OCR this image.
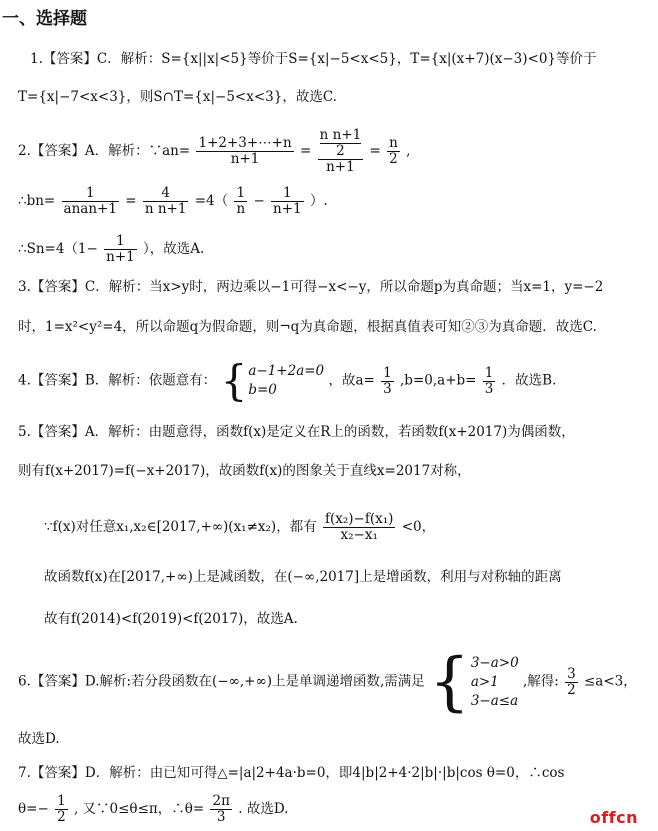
一、选择题
1.【答案】C．解析：S={x||x|<5}等价于S={x|−5<x<5}，T={x|(x+7)(x−3)<0}等价于
T={x|−7<x<3}，则S∩T={x|−5<x<3}，故选C.
2.【答案】A．解析：∵an= $\frac{1+2+3+\cdots+n}{n+1} = n$ n+1
2
$n+1 = \frac{n}{2}$ ,
∴bn= $\frac{1}{\text{anan+1}} = \frac{4}{\text{n n+1}} =4( \frac{1}{n} - \frac{1}{n+1}$ ）.
∴Sn=4（1− $\frac{1}{n+1}$ ），故选A.
3.【答案】C．解析：当x>y时，两边乘以−1可得−x<−y，所以命题p为真命题；当x=1，y=−2
时，1=x²<y²=4，所以命题q为假命题，则¬q为真命题，根据真值表可知②③为真命题．故选C.
4.【答案】B．解析：依题意有： { a−1+2a=0
b=0
，故$a= \frac{1}{3} ,b=0,a+b= \frac{1}{3}$ ．故选B.
5.【答案】A．解析：由题意得，函数f(x)是定义在R上的函数，若函数f(x+2017)为偶函数，
则有f(x+2017)=f(−x+2017)，故函数f(x)的图象关于直线x=2017对称，
∵f(x)对任意x₁,x₂∈[2017,+∞)(x₁≠x₂)，都有 $\frac{\text{f(x₂)−f(x₁)}}{\text{x₂−x₁}} <0$，
故函数f(x)在[2017,+∞)上是减函数，在(−∞,2017]上是增函数，利用与对称轴的距离
故有f(2014)<f(2019)<f(2017)，故选A.
6.【答案】D.解析:若分段函数在(−∞,+∞)上是单调递增函数,需满足 { 3−a>0
a>1
3−a≤a
,解得: $\frac{3}{2} \le a<3$，
故选D.
7.【答案】D．解析：由已知可得△=|a|2+4a·b=0，即4|b|2+4·2|b|·|b|cos θ=0，∴cos
$\theta=- \frac{1}{2}$ , 又∵0≤θ≤π，∴θ= $\frac{2\pi}{3}$ . 故选D.	offcn
